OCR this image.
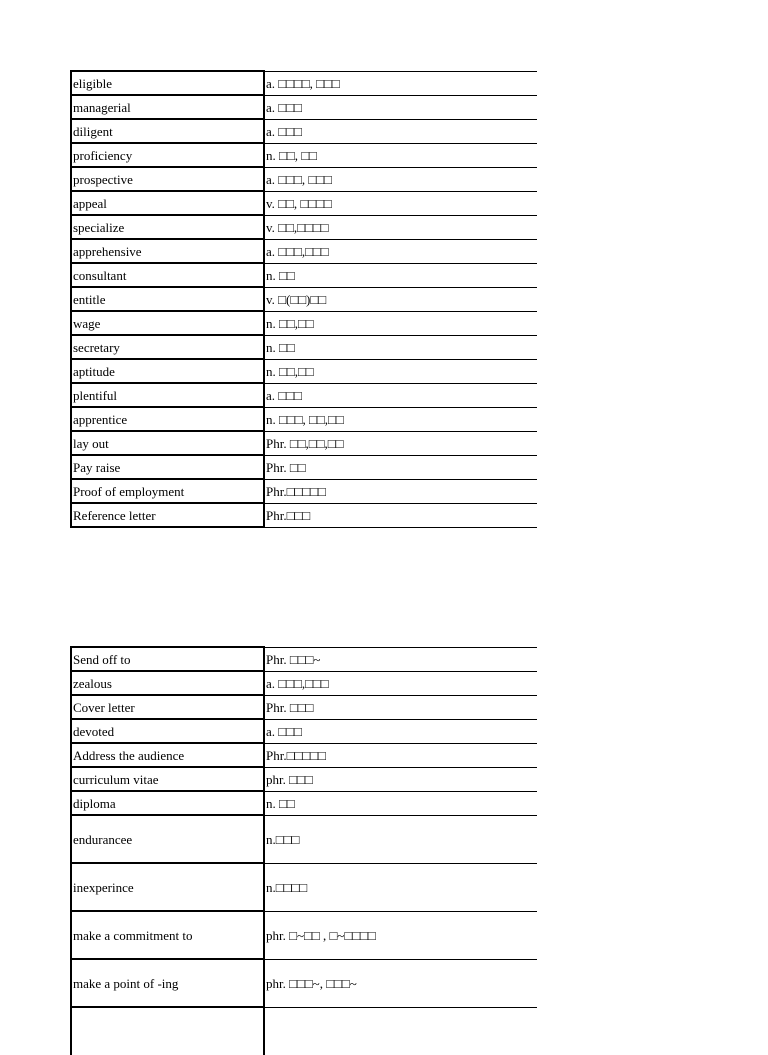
eligible	a. □□□□, □□□
managerial	a. □□□
diligent	a. □□□
proficiency	n. □□, □□
prospective	a. □□□, □□□
appeal	v. □□, □□□□
specialize	v. □□,□□□□
apprehensive	a. □□□,□□□
consultant	n. □□
entitle	v. □(□□)□□
wage	n. □□,□□
secretary	n. □□
aptitude	n. □□,□□
plentiful	a. □□□
apprentice	n. □□□, □□,□□
lay out	Phr. □□,□□,□□
Pay raise	Phr. □□
Proof of employment	Phr.□□□□□
Reference letter	Phr.□□□
Send off to	Phr. □□□~
zealous	a. □□□,□□□
Cover letter	Phr. □□□
devoted	a. □□□
Address the audience	Phr.□□□□□
curriculum vitae	phr. □□□
diploma	n. □□
endurancee	n.□□□
inexperince	n.□□□□
make a commitment to	phr. □~□□ , □~□□□□
make a point of -ing	phr. □□□~, □□□~
